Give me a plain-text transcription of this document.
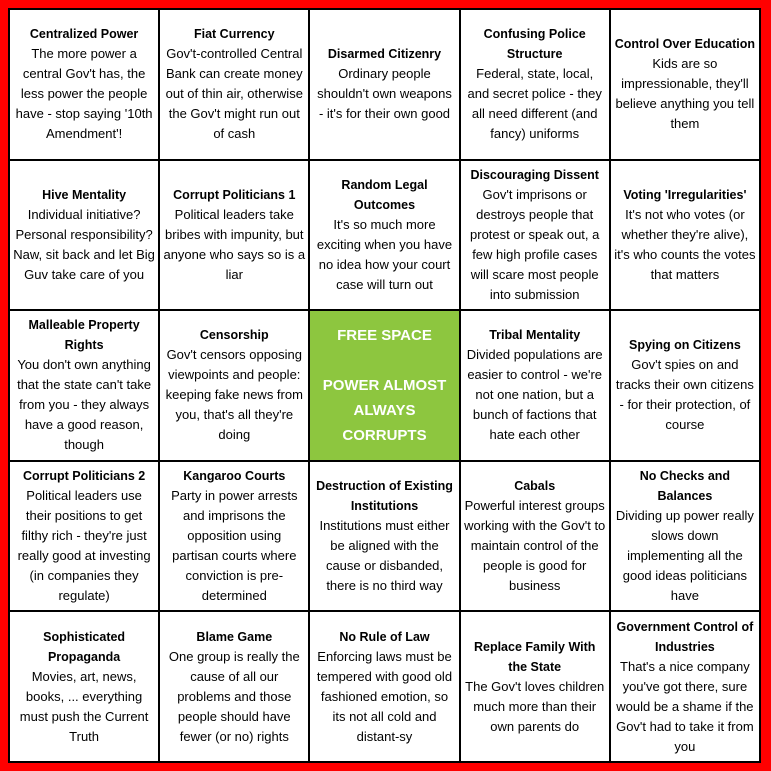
Centralized Power
The more power a central Gov't has, the less power the people have - stop saying '10th Amendment'!
Fiat Currency
Gov't-controlled Central Bank can create money out of thin air, otherwise the Gov't might run out of cash
Disarmed Citizenry
Ordinary people shouldn't own weapons - it's for their own good
Confusing Police Structure
Federal, state, local, and secret police - they all need different (and fancy) uniforms
Control Over Education
Kids are so impressionable, they'll believe anything you tell them
Hive Mentality
Individual initiative? Personal responsibility? Naw, sit back and let Big Guv take care of you
Corrupt Politicians 1
Political leaders take bribes with impunity, but anyone who says so is a liar
Random Legal Outcomes
It's so much more exciting when you have no idea how your court case will turn out
Discouraging Dissent
Gov't imprisons or destroys people that protest or speak out, a few high profile cases will scare most people into submission
Voting 'Irregularities'
It's not who votes (or whether they're alive), it's who counts the votes that matters
Malleable Property Rights
You don't own anything that the state can't take from you - they always have a good reason, though
Censorship
Gov't censors opposing viewpoints and people: keeping fake news from you, that's all they're doing
FREE SPACE
POWER ALMOST ALWAYS CORRUPTS
Tribal Mentality
Divided populations are easier to control - we're not one nation, but a bunch of factions that hate each other
Spying on Citizens
Gov't spies on and tracks their own citizens - for their protection, of course
Corrupt Politicians 2
Political leaders use their positions to get filthy rich - they're just really good at investing (in companies they regulate)
Kangaroo Courts
Party in power arrests and imprisons the opposition using partisan courts where conviction is pre-determined
Destruction of Existing Institutions
Institutions must either be aligned with the cause or disbanded, there is no third way
Cabals
Powerful interest groups working with the Gov't to maintain control of the people is good for business
No Checks and Balances
Dividing up power really slows down implementing all the good ideas politicians have
Sophisticated Propaganda
Movies, art, news, books, ... everything must push the Current Truth
Blame Game
One group is really the cause of all our problems and those people should have fewer (or no) rights
No Rule of Law
Enforcing laws must be tempered with good old fashioned emotion, so its not all cold and distant-sy
Replace Family With the State
The Gov't loves children much more than their own parents do
Government Control of Industries
That's a nice company you've got there, sure would be a shame if the Gov't had to take it from you
